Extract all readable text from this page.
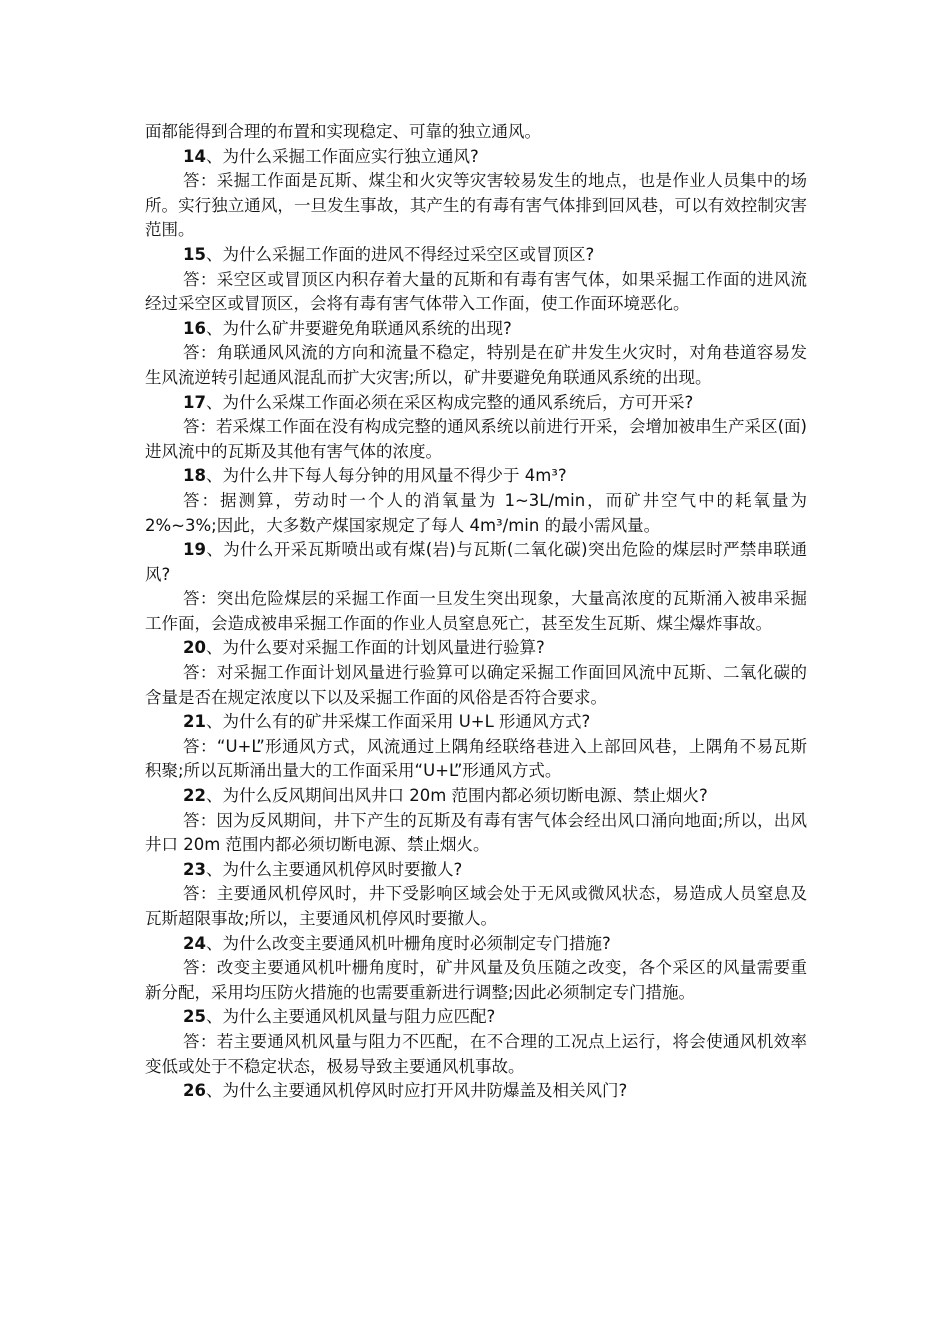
面都能得到合理的布置和实现稳定、可靠的独立通风。

14、为什么采掘工作面应实行独立通风?

答：采掘工作面是瓦斯、煤尘和火灾等灾害较易发生的地点，也是作业人员集中的场所。实行独立通风，一旦发生事故，其产生的有毒有害气体排到回风巷，可以有效控制灾害范围。

15、为什么采掘工作面的进风不得经过采空区或冒顶区?

答：采空区或冒顶区内积存着大量的瓦斯和有毒有害气体，如果采掘工作面的进风流经过采空区或冒顶区，会将有毒有害气体带入工作面，使工作面环境恶化。

16、为什么矿井要避免角联通风系统的出现?

答：角联通风风流的方向和流量不稳定，特别是在矿井发生火灾时，对角巷道容易发生风流逆转引起通风混乱而扩大灾害;所以，矿井要避免角联通风系统的出现。

17、为什么采煤工作面必须在采区构成完整的通风系统后，方可开采?

答：若采煤工作面在没有构成完整的通风系统以前进行开采，会增加被串生产采区(面)进风流中的瓦斯及其他有害气体的浓度。

18、为什么井下每人每分钟的用风量不得少于 4m³?

答：据测算，劳动时一个人的消氧量为 1~3L/min，而矿井空气中的耗氧量为 2%~3%;因此，大多数产煤国家规定了每人 4m³/min 的最小需风量。

19、为什么开采瓦斯喷出或有煤(岩)与瓦斯(二氧化碳)突出危险的煤层时严禁串联通风?

答：突出危险煤层的采掘工作面一旦发生突出现象，大量高浓度的瓦斯涌入被串采掘工作面，会造成被串采掘工作面的作业人员窒息死亡，甚至发生瓦斯、煤尘爆炸事故。

20、为什么要对采掘工作面的计划风量进行验算?

答：对采掘工作面计划风量进行验算可以确定采掘工作面回风流中瓦斯、二氧化碳的含量是否在规定浓度以下以及采掘工作面的风俗是否符合要求。

21、为什么有的矿井采煤工作面采用 U+L 形通风方式?

答：“U+L”形通风方式，风流通过上隅角经联络巷进入上部回风巷，上隅角不易瓦斯积聚;所以瓦斯涌出量大的工作面采用“U+L”形通风方式。

22、为什么反风期间出风井口 20m 范围内都必须切断电源、禁止烟火?

答：因为反风期间，井下产生的瓦斯及有毒有害气体会经出风口涌向地面;所以，出风井口 20m 范围内都必须切断电源、禁止烟火。

23、为什么主要通风机停风时要撤人?

答：主要通风机停风时，井下受影响区域会处于无风或微风状态，易造成人员窒息及瓦斯超限事故;所以，主要通风机停风时要撤人。

24、为什么改变主要通风机叶栅角度时必须制定专门措施?

答：改变主要通风机叶栅角度时，矿井风量及负压随之改变，各个采区的风量需要重新分配，采用均压防火措施的也需要重新进行调整;因此必须制定专门措施。

25、为什么主要通风机风量与阻力应匹配?

答：若主要通风机风量与阻力不匹配，在不合理的工况点上运行，将会使通风机效率变低或处于不稳定状态，极易导致主要通风机事故。

26、为什么主要通风机停风时应打开风井防爆盖及相关风门?
